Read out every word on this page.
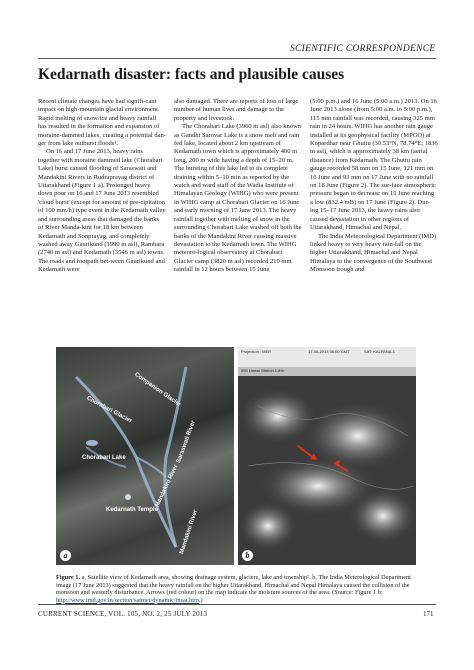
SCIENTIFIC CORRESPONDENCE
Kedarnath disaster: facts and plausible causes

Recent climate changes have had signifi-cant impact on high-mountain glacial environment. Rapid melting of snow/ice and heavy rainfall has resulted in the formation and expansion of moraine-dammed lakes, creating a potential dan-ger from lake outburst floods¹.

On 16 and 17 June 2013, heavy rains together with moraine dammed lake (Chorabari Lake) burst caused flooding of Saraswati and Mandakini Rivers in Rudraprayag district of Uttarakhand (Figure 1 a). Prolonged heavy down pour on 16 and 17 June 2013 resembled 'cloud burst' (except for amount of pre-cipitation of 100 mm/h) type event in the Kedarnath valley and surrounding areas that damaged the banks of River Manda-kini for 18 km between Kedarnath and Sonprayag, and completely washed away Gaurikund (1990 m asl), Rambara (2740 m asl) and Kedarnath (3546 m asl) towns. The roads and footpath bet-ween Gaurikund and Kedarnath were

also damaged. There are reports of loss of large number of human lives and damage to the property and livestock.

The Chorabari Lake (3960 m asl) also known as Gandhi Sarovar Lake is a snow melt and rain fed lake, located about 2 km upstream of Kedarnath town which is approximately 400 m long, 200 m wide having a depth of 15–20 m. The bursting of this lake led to its complete draining within 5–10 min as reported by the watch and ward staff of the Wadia Institute of Himalayan Geology (WIHG) who were present in WIHG camp at Chorabari Glacier on 16 June and early morning of 17 June 2013. The heavy rainfall together with melting of snow in the surrounding Chorabari Lake washed off both the banks of the Mandakini River causing massive devastation to the Kedarnath town. The WIHG meteoro-logical observatory at Chorabari Glacier camp (3820 m asl) recorded 210 mm rainfall in 12 hours between 15 June

(5:00 p.m.) and 16 June (5:00 a.m.) 2013. On 16 June 2013 alone (from 5:00 a.m. to 5:00 p.m.), 115 mm rainfall was recorded, causing 325 mm rain in 24 hours. WIHG has another rain gauge installed at its geophysical facility (MPGO) at Kopardhar near Ghuttu (30.53°N, 78.74°E; 1836 m asl), which is approximately 38 km (aerial distance) from Kedarnath. The Ghuttu rain gauge recorded 58 mm on 15 June, 121 mm on 16 June and 93 mm on 17 June with no rainfall on 18 June (Figure 2). The sur-face atmospheric pressure began to decrease on 15 June reaching a low (832.4 mB) on 17 June (Figure 2). Dur-ing 15–17 June 2013, the heavy rains also caused devastation in other regions of Uttarakhand, Himachal and Nepal.

The India Meteorological Department (IMD) linked heavy to very heavy rain-fall on the higher Uttarakhand, Himachal and Nepal Himalaya to the convergence of the Southwest Monsoon trough and

Chorabari Glacier
Companion Glacier
Chorabari Lake	Saraswati River
Mandakini River
Kedarnath Temple	Mandakini River
a
Projection : MER	17-06-2013 06:00 GMT	SAT: KALPANA-1
IRS Linear Stretch 1.8%
b
Figure 1. a, Satellite view of Kedarnath area, showing drainage system, glaciers, lake and township². b, The India Meterological Department image (17 June 2013) suggested that the heavy rainfall on the higher Uttarakhand, Himachal and Nepal Himalaya caused the collision of the monsoon and westerly disturbance. Arrows (red colour) on the map indicate the moisture sources of the area. (Source: Figure 1 b: http://www.imd.gov.in/section/satmet/dynamic/insat.htm.)
CURRENT SCIENCE, VOL. 105, NO. 2, 25 JULY 2013	171
